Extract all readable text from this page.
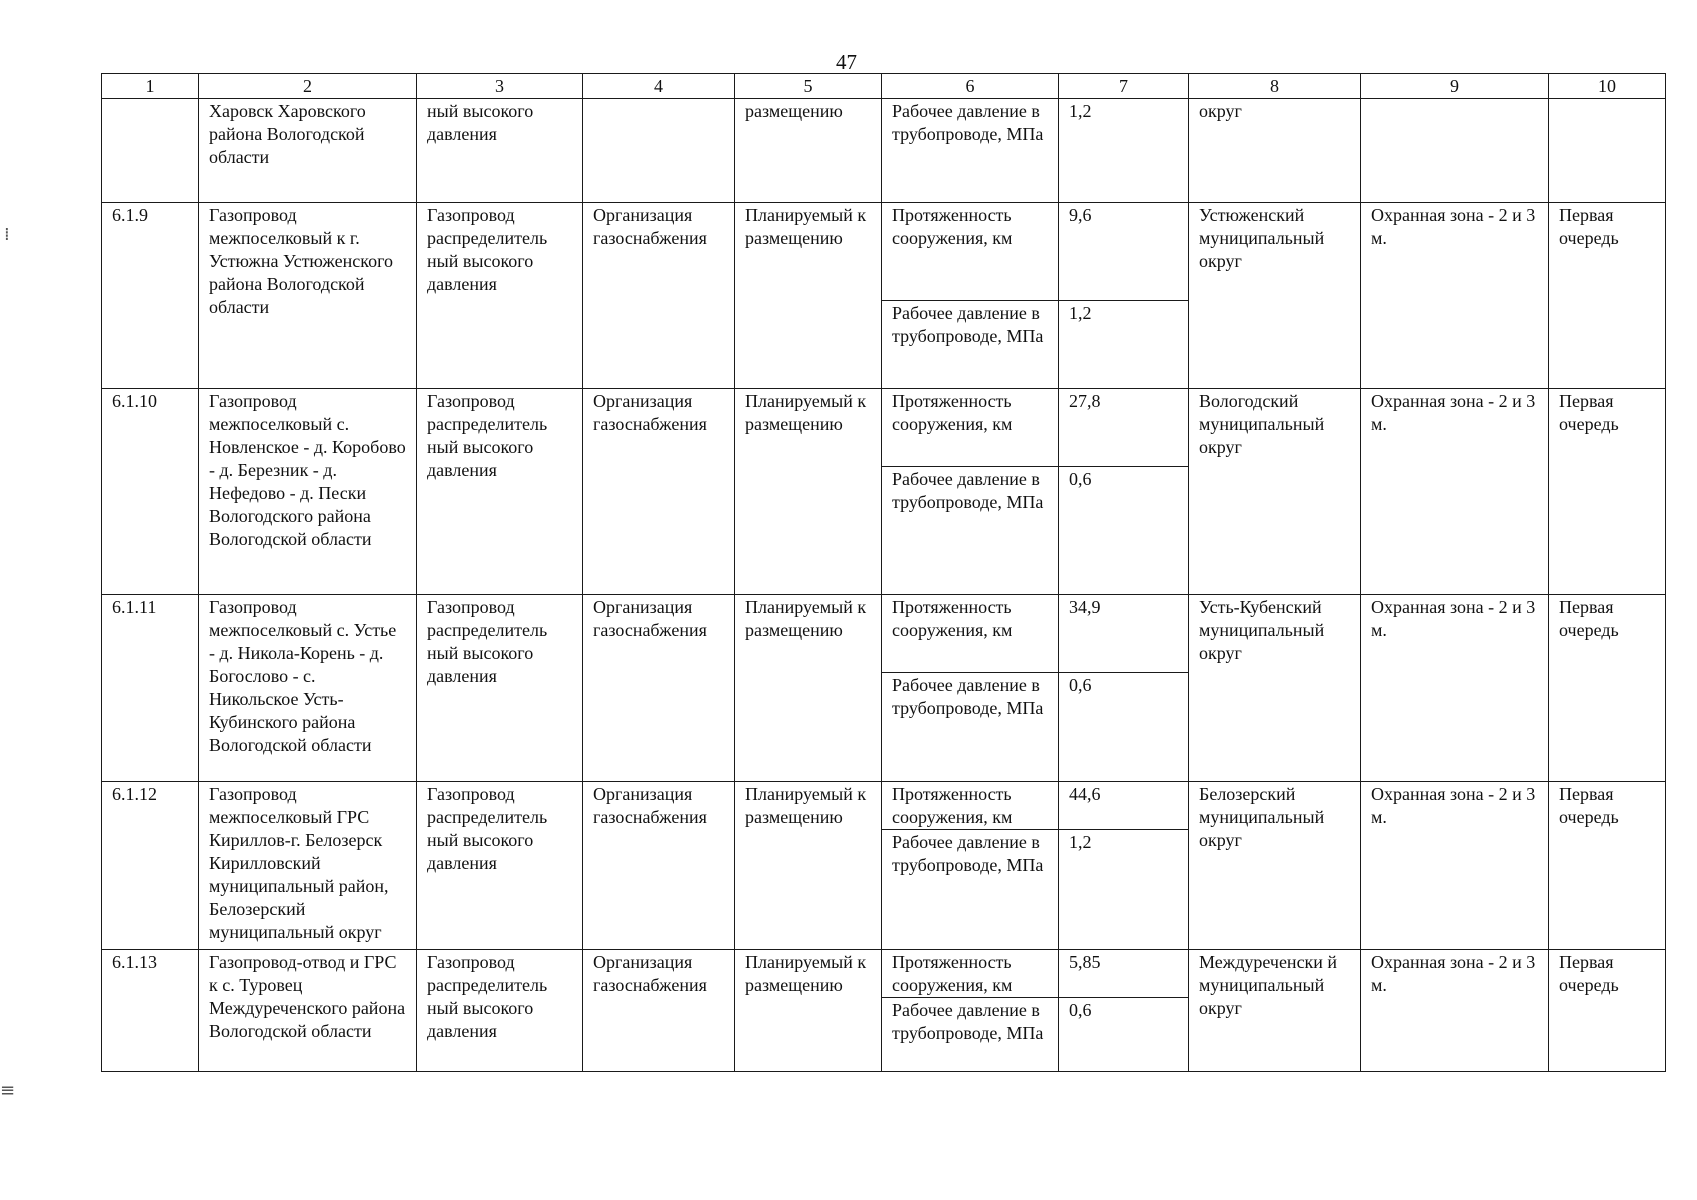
47
⁞
≡
1	2	3	4	5	6	7	8	9	10
	Харовск Харовского района Вологодской области	ный высокого давления		размещению	Рабочее давление в трубопроводе, МПа	1,2	округ		
6.1.9	Газопровод межпоселковый к г. Устюжна Устюженского района Вологодской области	Газопровод распределитель ный высокого давления	Организация газоснабжения	Планируемый к размещению	Протяженность сооружения, км	9,6	Устюженский муниципальный округ	Охранная зона - 2 и 3 м.	Первая очередь
					Рабочее давление в трубопроводе, МПа	1,2			
6.1.10	Газопровод межпоселковый с. Новленское - д. Коробово - д. Березник - д. Нефедово - д. Пески Вологодского района Вологодской области	Газопровод распределитель ный высокого давления	Организация газоснабжения	Планируемый к размещению	Протяженность сооружения, км	27,8	Вологодский муниципальный округ	Охранная зона - 2 и 3 м.	Первая очередь
					Рабочее давление в трубопроводе, МПа	0,6			
6.1.11	Газопровод межпоселковый с. Устье - д. Никола-Корень - д. Богослово - с. Никольское Усть-Кубинского района Вологодской области	Газопровод распределитель ный высокого давления	Организация газоснабжения	Планируемый к размещению	Протяженность сооружения, км	34,9	Усть-Кубенский муниципальный округ	Охранная зона - 2 и 3 м.	Первая очередь
					Рабочее давление в трубопроводе, МПа	0,6			
6.1.12	Газопровод межпоселковый ГРС Кириллов-г. Белозерск Кирилловский муниципальный район, Белозерский муниципальный округ	Газопровод распределитель ный высокого давления	Организация газоснабжения	Планируемый к размещению	Протяженность сооружения, км	44,6	Белозерский муниципальный округ	Охранная зона - 2 и 3 м.	Первая очередь
					Рабочее давление в трубопроводе, МПа	1,2			
6.1.13	Газопровод-отвод и ГРС к с. Туровец Междуреченского района Вологодской области	Газопровод распределитель ный высокого давления	Организация газоснабжения	Планируемый к размещению	Протяженность сооружения, км	5,85	Междуреченски й муниципальный округ	Охранная зона - 2 и 3 м.	Первая очередь
					Рабочее давление в трубопроводе, МПа	0,6			
